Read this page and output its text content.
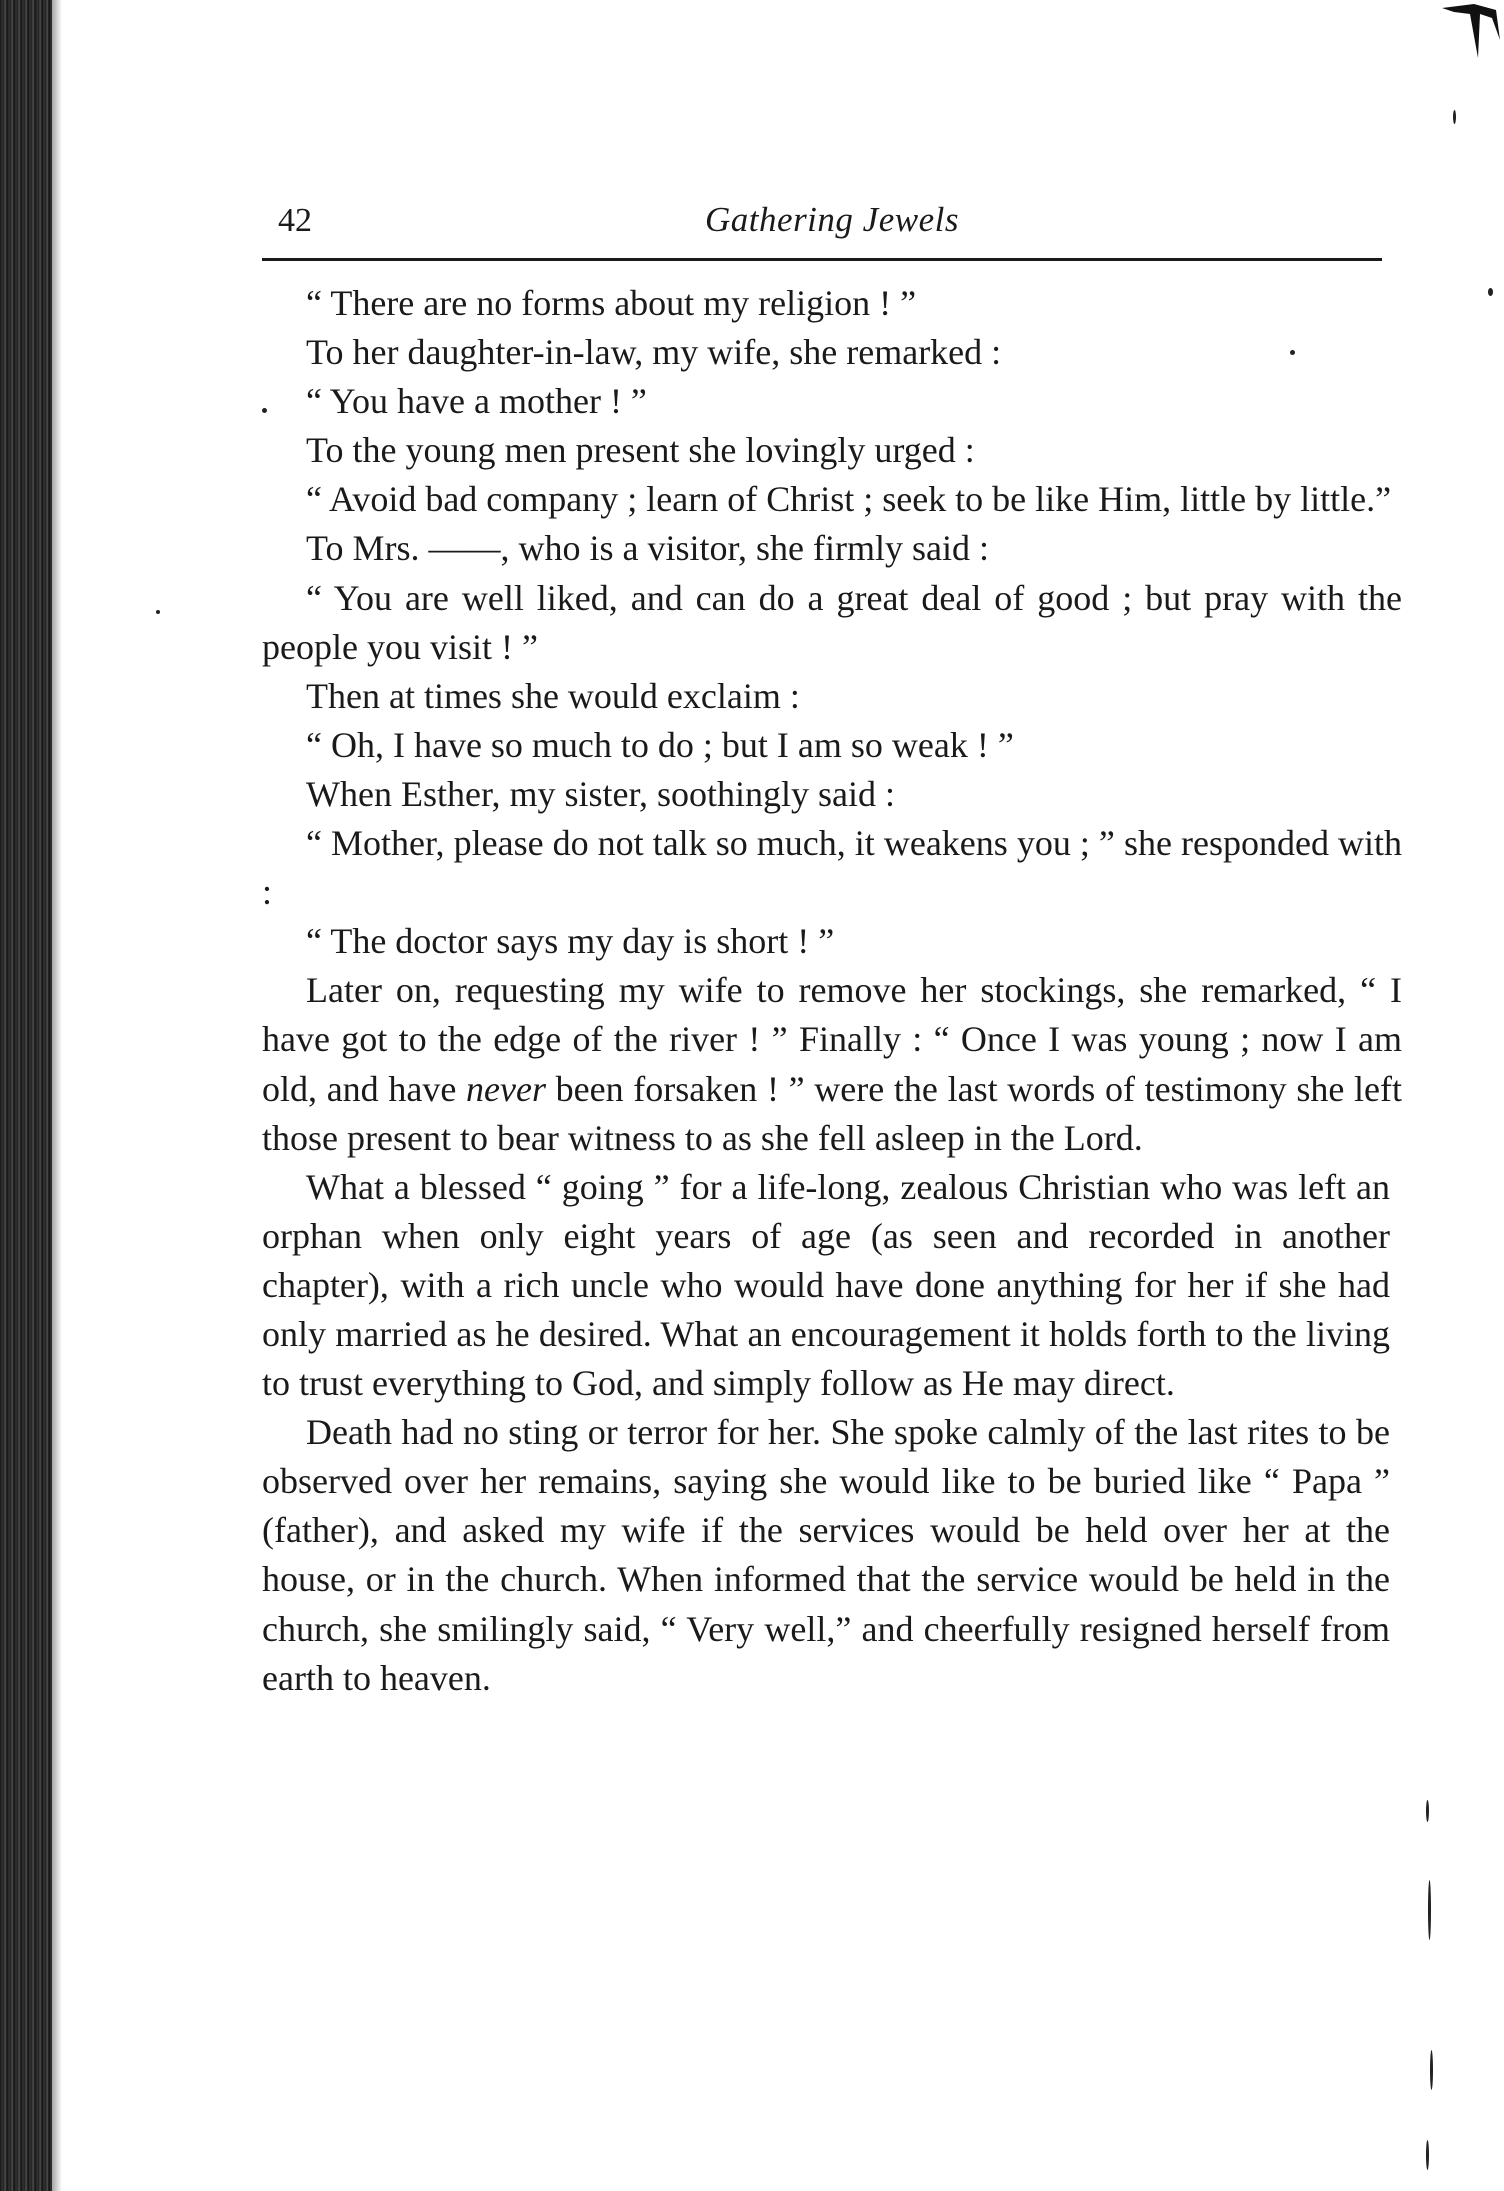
42	Gathering Jewels

“ There are no forms about my religion ! ”

To her daughter-in-law, my wife, she remarked :

“ You have a mother ! ”

To the young men present she lovingly urged :

“ Avoid bad company ; learn of Christ ; seek to be like Him, little by little.”

To Mrs. ——, who is a visitor, she firmly said :

“ You are well liked, and can do a great deal of good ; but pray with the people you visit ! ”

Then at times she would exclaim :

“ Oh, I have so much to do ; but I am so weak ! ”

When Esther, my sister, soothingly said :

“ Mother, please do not talk so much, it weakens you ; ” she responded with :

“ The doctor says my day is short ! ”

Later on, requesting my wife to remove her stockings, she remarked, “ I have got to the edge of the river ! ” Finally : “ Once I was young ; now I am old, and have never been forsaken ! ” were the last words of testimony she left those present to bear witness to as she fell asleep in the Lord.

What a blessed “ going ” for a life-long, zealous Christian who was left an orphan when only eight years of age (as seen and recorded in another chapter), with a rich uncle who would have done anything for her if she had only married as he desired. What an encouragement it holds forth to the living to trust everything to God, and simply follow as He may direct.

Death had no sting or terror for her. She spoke calmly of the last rites to be observed over her remains, saying she would like to be buried like “ Papa ” (father), and asked my wife if the services would be held over her at the house, or in the church. When informed that the service would be held in the church, she smilingly said, “ Very well,” and cheerfully resigned herself from earth to heaven.
